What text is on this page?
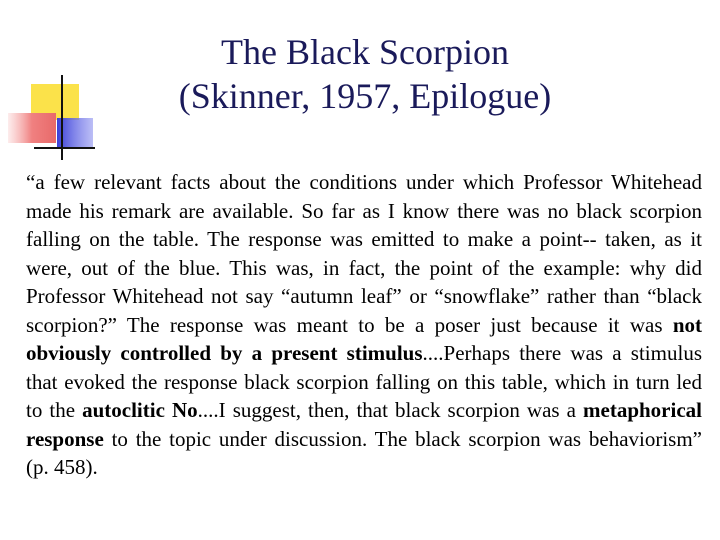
The Black Scorpion
(Skinner, 1957, Epilogue)
“a few relevant facts about the conditions under which Professor Whitehead made his remark are available. So far as I know there was no black scorpion falling on the table. The response was emitted to make a point-- taken, as it were, out of the blue. This was, in fact, the point of the example: why did Professor Whitehead not say “autumn leaf” or “snowflake” rather than “black scorpion?” The response was meant to be a poser just because it was not obviously controlled by a present stimulus....Perhaps there was a stimulus that evoked the response black scorpion falling on this table, which in turn led to the autoclitic No....I suggest, then, that black scorpion was a metaphorical response to the topic under discussion. The black scorpion was behaviorism” (p. 458).
